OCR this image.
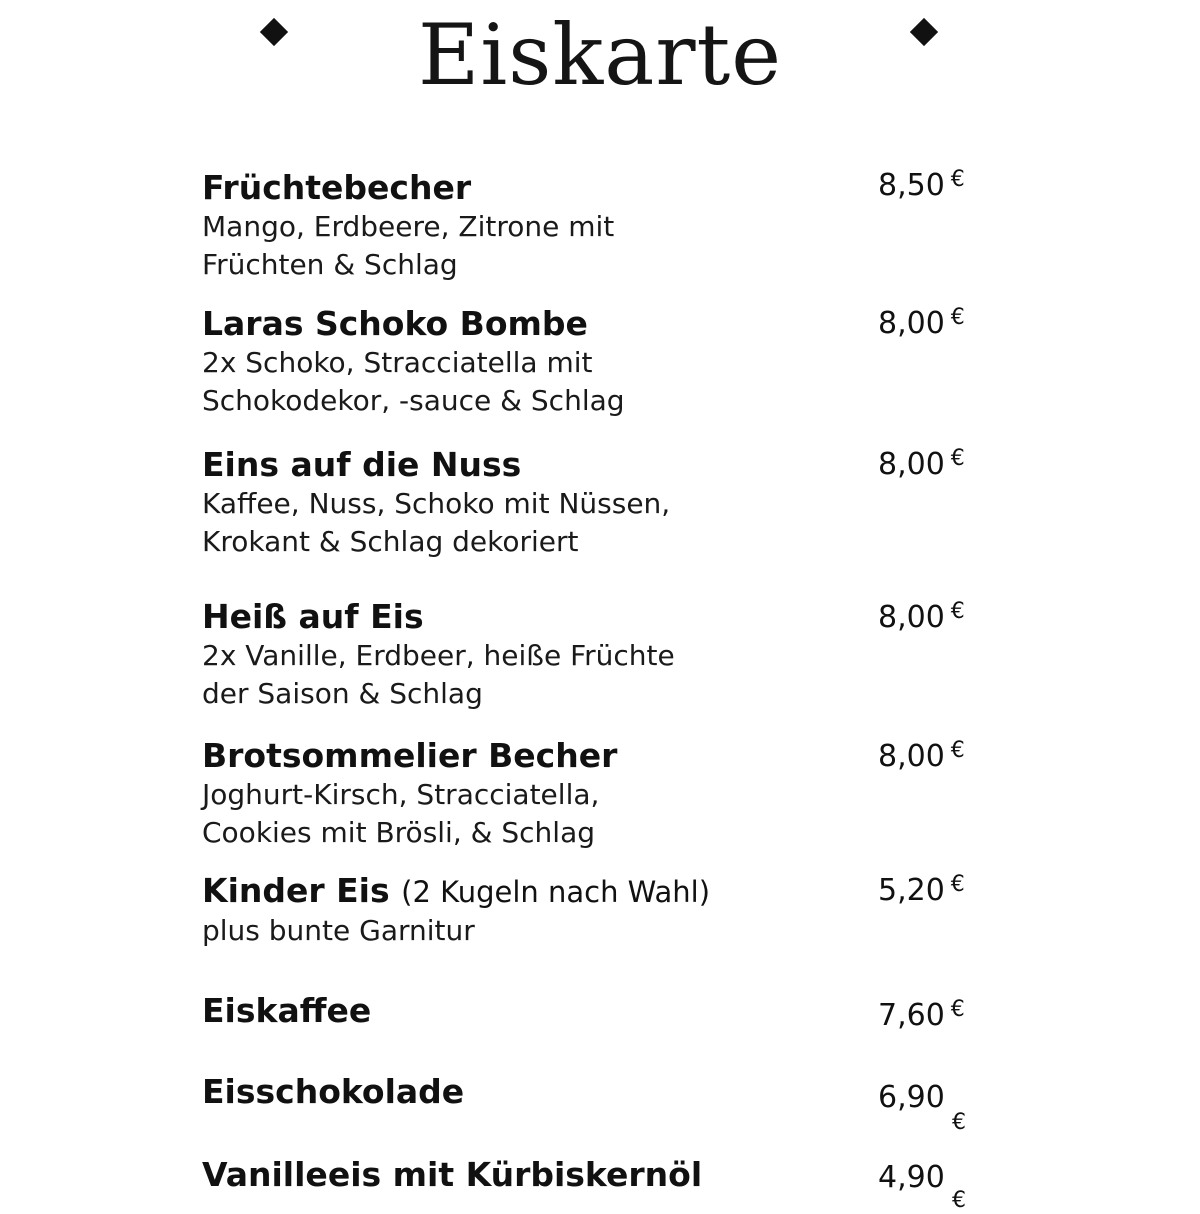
Eiskarte
Früchtebecher
Mango, Erdbeere, Zitrone mit
Früchten & Schlag
8,50 €
Laras Schoko Bombe
2x Schoko, Stracciatella mit
Schokodekor, -sauce & Schlag
8,00 €
Eins auf die Nuss
Kaffee, Nuss, Schoko mit Nüssen,
Krokant & Schlag dekoriert
8,00 €
Heiß auf Eis
2x Vanille, Erdbeer, heiße Früchte
der Saison & Schlag
8,00 €
Brotsommelier Becher
Joghurt-Kirsch, Stracciatella,
Cookies mit Brösli, & Schlag
8,00 €
Kinder Eis (2 Kugeln nach Wahl)
plus bunte Garnitur
5,20 €
Eiskaffee	7,60 €
Eisschokolade	6,90
€
Vanilleeis mit Kürbiskernöl	4,90
€
